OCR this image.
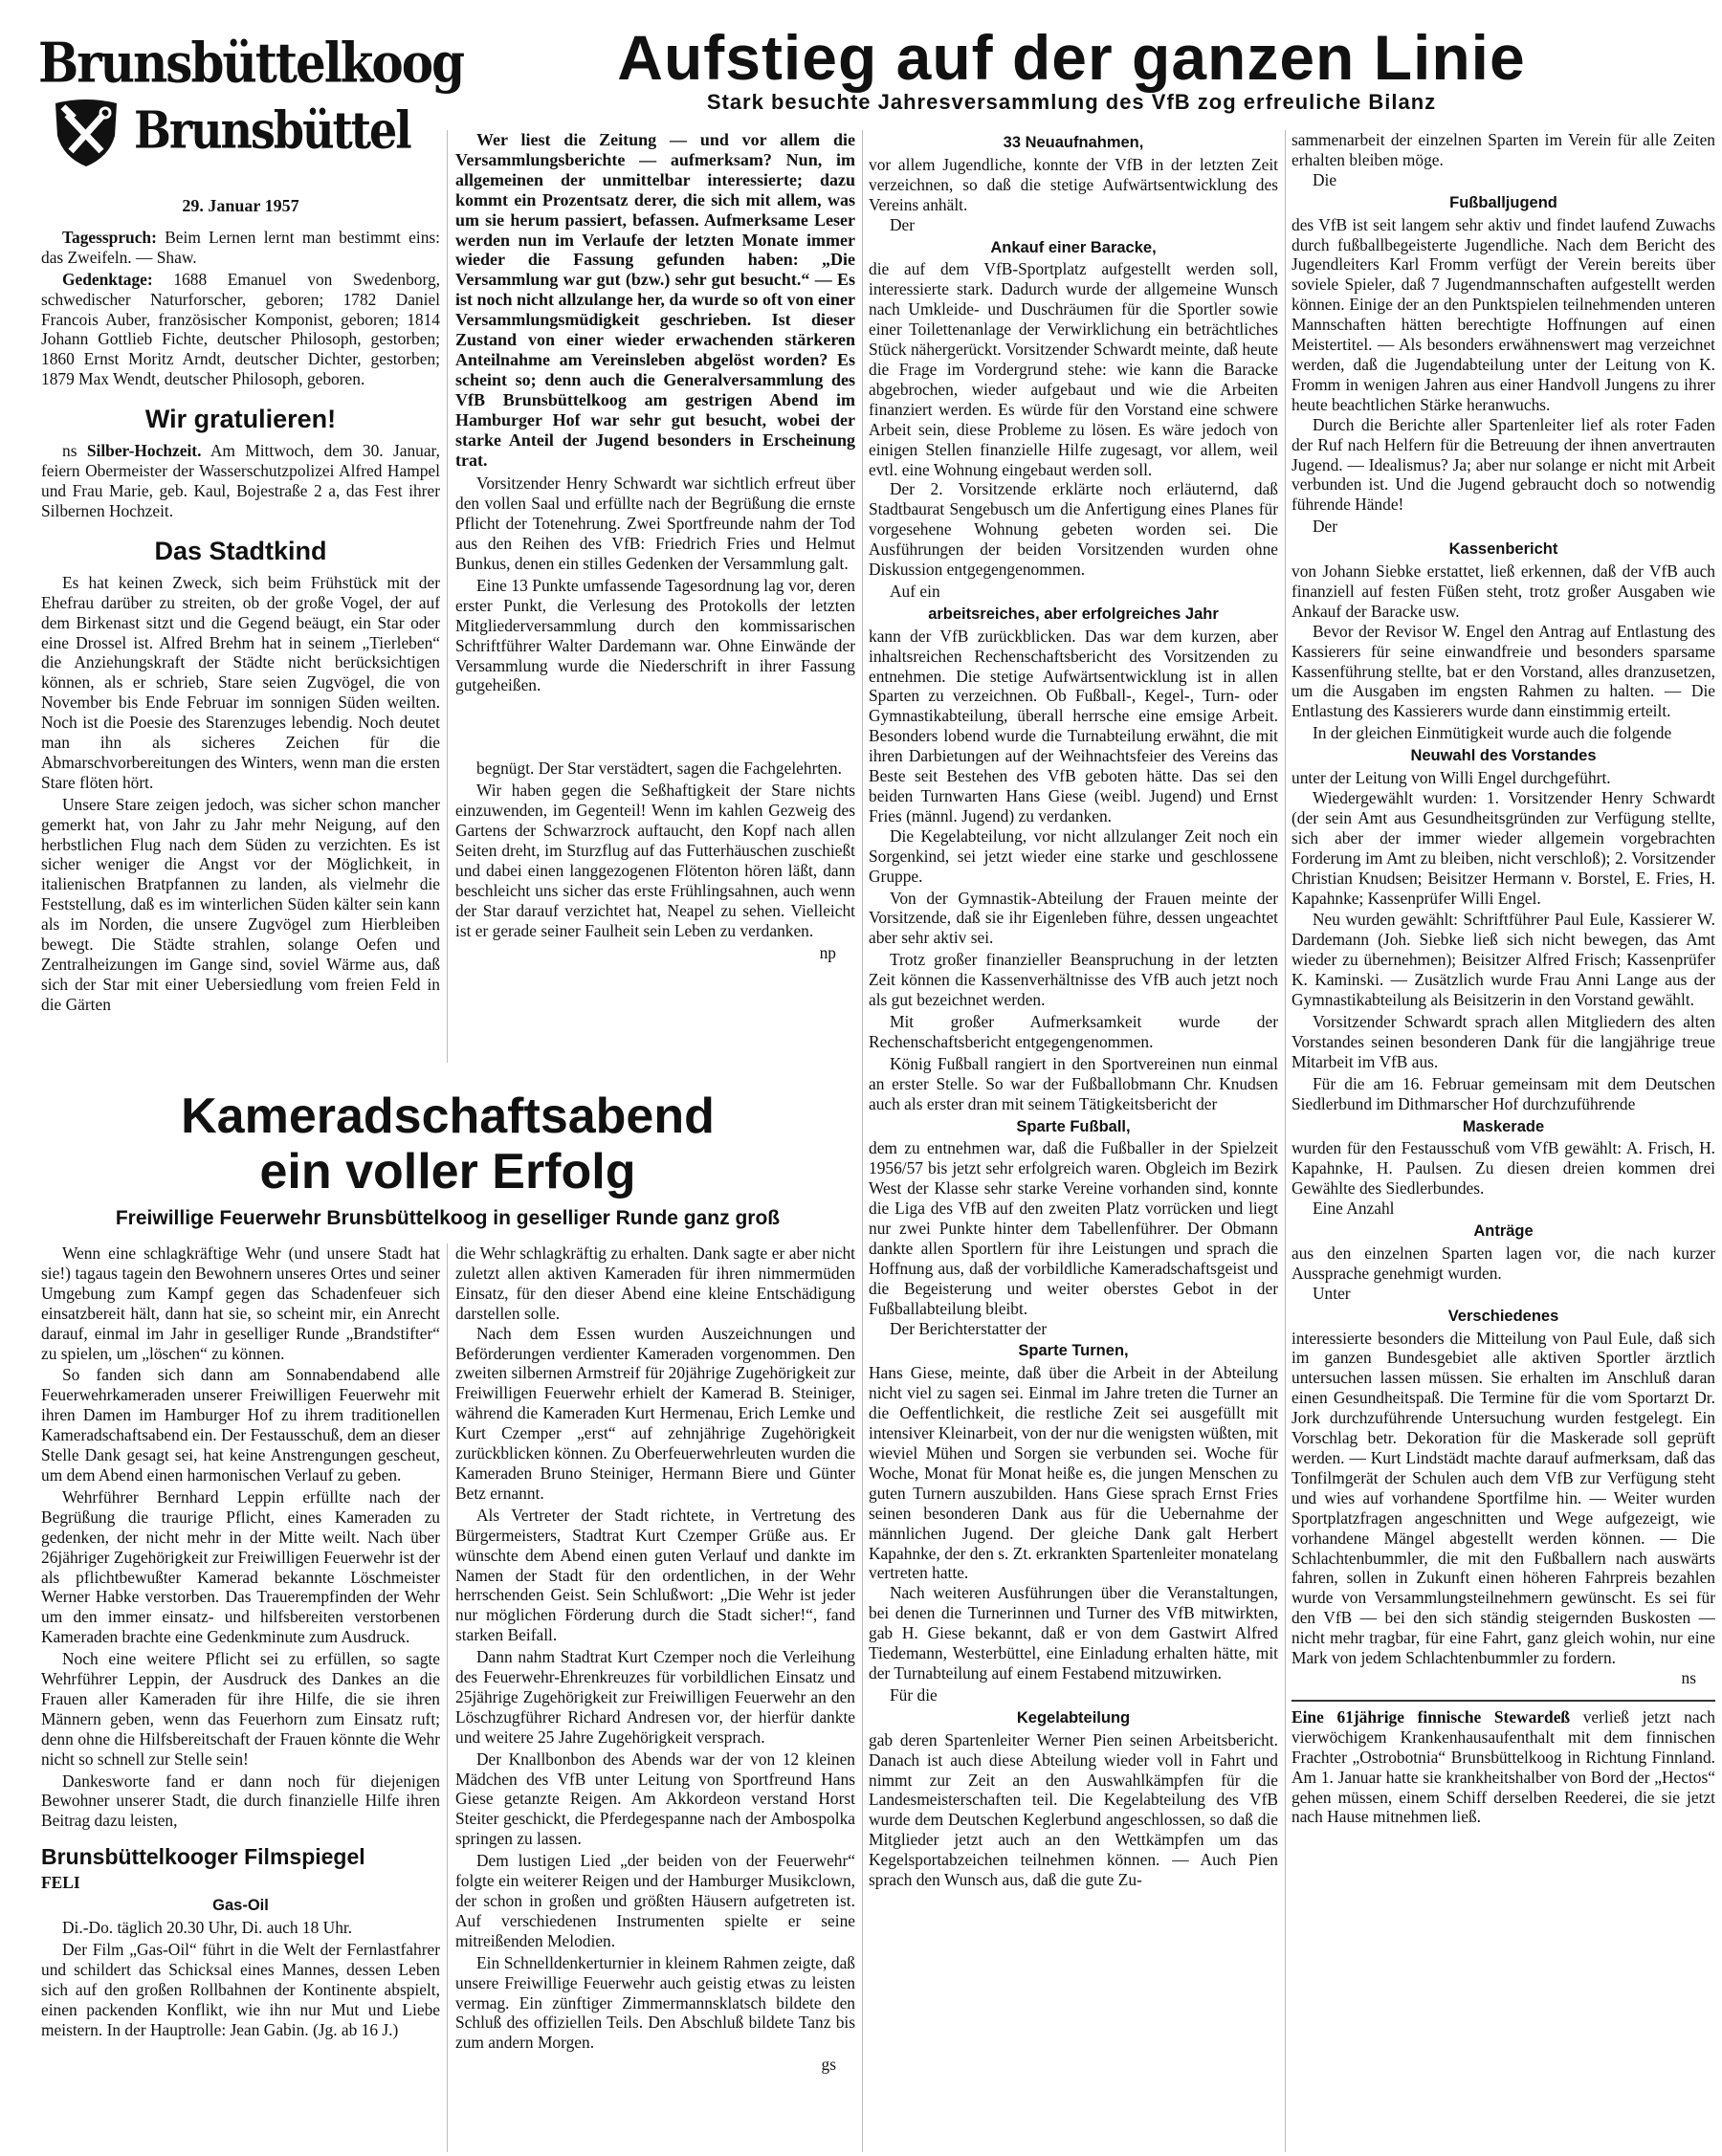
Brunsbüttelkoog
Brunsbüttel
Aufstieg auf der ganzen Linie
Stark besuchte Jahresversammlung des VfB zog erfreuliche Bilanz

29. Januar 1957

Tagesspruch: Beim Lernen lernt man bestimmt eins: das Zweifeln. — Shaw.

Gedenktage: 1688 Emanuel von Swedenborg, schwedischer Naturforscher, geboren; 1782 Daniel Francois Auber, französischer Komponist, geboren; 1814 Johann Gottlieb Fichte, deutscher Philosoph, gestorben; 1860 Ernst Moritz Arndt, deutscher Dichter, gestorben; 1879 Max Wendt, deutscher Philosoph, geboren.

Wir gratulieren!

ns Silber-Hochzeit. Am Mittwoch, dem 30. Januar, feiern Obermeister der Wasserschutzpolizei Alfred Hampel und Frau Marie, geb. Kaul, Bojestraße 2 a, das Fest ihrer Silbernen Hochzeit.

Das Stadtkind

Es hat keinen Zweck, sich beim Frühstück mit der Ehefrau darüber zu streiten, ob der große Vogel, der auf dem Birkenast sitzt und die Gegend beäugt, ein Star oder eine Drossel ist. Alfred Brehm hat in seinem „Tierleben“ die Anziehungskraft der Städte nicht berücksichtigen können, als er schrieb, Stare seien Zugvögel, die von November bis Ende Februar im sonnigen Süden weilten. Noch ist die Poesie des Starenzuges lebendig. Noch deutet man ihn als sicheres Zeichen für die Abmarschvorbereitungen des Winters, wenn man die ersten Stare flöten hört.

Unsere Stare zeigen jedoch, was sicher schon mancher gemerkt hat, von Jahr zu Jahr mehr Neigung, auf den herbstlichen Flug nach dem Süden zu verzichten. Es ist sicher weniger die Angst vor der Möglichkeit, in italienischen Bratpfannen zu landen, als vielmehr die Feststellung, daß es im winterlichen Süden kälter sein kann als im Norden, die unsere Zugvögel zum Hierbleiben bewegt. Die Städte strahlen, solange Oefen und Zentralheizungen im Gange sind, soviel Wärme aus, daß sich der Star mit einer Uebersiedlung vom freien Feld in die Gärten

Wer liest die Zeitung — und vor allem die Versammlungsberichte — aufmerksam? Nun, im allgemeinen der unmittelbar interessierte; dazu kommt ein Prozentsatz derer, die sich mit allem, was um sie herum passiert, befassen. Aufmerksame Leser werden nun im Verlaufe der letzten Monate immer wieder die Fassung gefunden haben: „Die Versammlung war gut (bzw.) sehr gut besucht.“ — Es ist noch nicht allzulange her, da wurde so oft von einer Versammlungsmüdigkeit geschrieben. Ist dieser Zustand von einer wieder erwachenden stärkeren Anteilnahme am Vereinsleben abgelöst worden? Es scheint so; denn auch die Generalversammlung des VfB Brunsbüttelkoog am gestrigen Abend im Hamburger Hof war sehr gut besucht, wobei der starke Anteil der Jugend besonders in Erscheinung trat.

Vorsitzender Henry Schwardt war sichtlich erfreut über den vollen Saal und erfüllte nach der Begrüßung die ernste Pflicht der Totenehrung. Zwei Sportfreunde nahm der Tod aus den Reihen des VfB: Friedrich Fries und Helmut Bunkus, denen ein stilles Gedenken der Versammlung galt.

Eine 13 Punkte umfassende Tagesordnung lag vor, deren erster Punkt, die Verlesung des Protokolls der letzten Mitgliederversammlung durch den kommissarischen Schriftführer Walter Dardemann war. Ohne Einwände der Versammlung wurde die Niederschrift in ihrer Fassung gutgeheißen.

begnügt. Der Star verstädtert, sagen die Fachgelehrten.

Wir haben gegen die Seßhaftigkeit der Stare nichts einzuwenden, im Gegenteil! Wenn im kahlen Gezweig des Gartens der Schwarzrock auftaucht, den Kopf nach allen Seiten dreht, im Sturzflug auf das Futterhäuschen zuschießt und dabei einen langgezogenen Flötenton hören läßt, dann beschleicht uns sicher das erste Frühlingsahnen, auch wenn der Star darauf verzichtet hat, Neapel zu sehen. Vielleicht ist er gerade seiner Faulheit sein Leben zu verdanken.

np

Kameradschaftsabend
ein voller Erfolg
Freiwillige Feuerwehr Brunsbüttelkoog in geselliger Runde ganz groß

Wenn eine schlagkräftige Wehr (und unsere Stadt hat sie!) tagaus tagein den Bewohnern unseres Ortes und seiner Umgebung zum Kampf gegen das Schadenfeuer sich einsatzbereit hält, dann hat sie, so scheint mir, ein Anrecht darauf, einmal im Jahr in geselliger Runde „Brandstifter“ zu spielen, um „löschen“ zu können.

So fanden sich dann am Sonnabendabend alle Feuerwehrkameraden unserer Freiwilligen Feuerwehr mit ihren Damen im Hamburger Hof zu ihrem traditionellen Kameradschaftsabend ein. Der Festausschuß, dem an dieser Stelle Dank gesagt sei, hat keine Anstrengungen gescheut, um dem Abend einen harmonischen Verlauf zu geben.

Wehrführer Bernhard Leppin erfüllte nach der Begrüßung die traurige Pflicht, eines Kameraden zu gedenken, der nicht mehr in der Mitte weilt. Nach über 26jähriger Zugehörigkeit zur Freiwilligen Feuerwehr ist der als pflichtbewußter Kamerad bekannte Löschmeister Werner Habke verstorben. Das Trauerempfinden der Wehr um den immer einsatz- und hilfsbereiten verstorbenen Kameraden brachte eine Gedenkminute zum Ausdruck.

Noch eine weitere Pflicht sei zu erfüllen, so sagte Wehrführer Leppin, der Ausdruck des Dankes an die Frauen aller Kameraden für ihre Hilfe, die sie ihren Männern geben, wenn das Feuerhorn zum Einsatz ruft; denn ohne die Hilfsbereitschaft der Frauen könnte die Wehr nicht so schnell zur Stelle sein!

Dankesworte fand er dann noch für diejenigen Bewohner unserer Stadt, die durch finanzielle Hilfe ihren Beitrag dazu leisten,

Brunsbüttelkooger Filmspiegel

FELI

Gas-Oil

Di.-Do. täglich 20.30 Uhr, Di. auch 18 Uhr.

Der Film „Gas-Oil“ führt in die Welt der Fernlastfahrer und schildert das Schicksal eines Mannes, dessen Leben sich auf den großen Rollbahnen der Kontinente abspielt, einen packenden Konflikt, wie ihn nur Mut und Liebe meistern. In der Hauptrolle: Jean Gabin. (Jg. ab 16 J.)

die Wehr schlagkräftig zu erhalten. Dank sagte er aber nicht zuletzt allen aktiven Kameraden für ihren nimmermüden Einsatz, für den dieser Abend eine kleine Entschädigung darstellen solle.

Nach dem Essen wurden Auszeichnungen und Beförderungen verdienter Kameraden vorgenommen. Den zweiten silbernen Armstreif für 20jährige Zugehörigkeit zur Freiwilligen Feuerwehr erhielt der Kamerad B. Steiniger, während die Kameraden Kurt Hermenau, Erich Lemke und Kurt Czemper „erst“ auf zehnjährige Zugehörigkeit zurückblicken können. Zu Oberfeuerwehrleuten wurden die Kameraden Bruno Steiniger, Hermann Biere und Günter Betz ernannt.

Als Vertreter der Stadt richtete, in Vertretung des Bürgermeisters, Stadtrat Kurt Czemper Grüße aus. Er wünschte dem Abend einen guten Verlauf und dankte im Namen der Stadt für den ordentlichen, in der Wehr herrschenden Geist. Sein Schlußwort: „Die Wehr ist jeder nur möglichen Förderung durch die Stadt sicher!“, fand starken Beifall.

Dann nahm Stadtrat Kurt Czemper noch die Verleihung des Feuerwehr-Ehrenkreuzes für vorbildlichen Einsatz und 25jährige Zugehörigkeit zur Freiwilligen Feuerwehr an den Löschzugführer Richard Andresen vor, der hierfür dankte und weitere 25 Jahre Zugehörigkeit versprach.

Der Knallbonbon des Abends war der von 12 kleinen Mädchen des VfB unter Leitung von Sportfreund Hans Giese getanzte Reigen. Am Akkordeon verstand Horst Steiter geschickt, die Pferdegespanne nach der Ambospolka springen zu lassen.

Dem lustigen Lied „der beiden von der Feuerwehr“ folgte ein weiterer Reigen und der Hamburger Musikclown, der schon in großen und größten Häusern aufgetreten ist. Auf verschiedenen Instrumenten spielte er seine mitreißenden Melodien.

Ein Schnelldenkerturnier in kleinem Rahmen zeigte, daß unsere Freiwillige Feuerwehr auch geistig etwas zu leisten vermag. Ein zünftiger Zimmermannsklatsch bildete den Schluß des offiziellen Teils. Den Abschluß bildete Tanz bis zum andern Morgen.

gs

33 Neuaufnahmen,

vor allem Jugendliche, konnte der VfB in der letzten Zeit verzeichnen, so daß die stetige Aufwärtsentwicklung des Vereins anhält.

Der

Ankauf einer Baracke,

die auf dem VfB-Sportplatz aufgestellt werden soll, interessierte stark. Dadurch wurde der allgemeine Wunsch nach Umkleide- und Duschräumen für die Sportler sowie einer Toilettenanlage der Verwirklichung ein beträchtliches Stück nähergerückt. Vorsitzender Schwardt meinte, daß heute die Frage im Vordergrund stehe: wie kann die Baracke abgebrochen, wieder aufgebaut und wie die Arbeiten finanziert werden. Es würde für den Vorstand eine schwere Arbeit sein, diese Probleme zu lösen. Es wäre jedoch von einigen Stellen finanzielle Hilfe zugesagt, vor allem, weil evtl. eine Wohnung eingebaut werden soll.

Der 2. Vorsitzende erklärte noch erläuternd, daß Stadtbaurat Sengebusch um die Anfertigung eines Planes für vorgesehene Wohnung gebeten worden sei. Die Ausführungen der beiden Vorsitzenden wurden ohne Diskussion entgegengenommen.

Auf ein

arbeitsreiches, aber erfolgreiches Jahr

kann der VfB zurückblicken. Das war dem kurzen, aber inhaltsreichen Rechenschaftsbericht des Vorsitzenden zu entnehmen. Die stetige Aufwärtsentwicklung ist in allen Sparten zu verzeichnen. Ob Fußball-, Kegel-, Turn- oder Gymnastikabteilung, überall herrsche eine emsige Arbeit. Besonders lobend wurde die Turnabteilung erwähnt, die mit ihren Darbietungen auf der Weihnachtsfeier des Vereins das Beste seit Bestehen des VfB geboten hätte. Das sei den beiden Turnwarten Hans Giese (weibl. Jugend) und Ernst Fries (männl. Jugend) zu verdanken.

Die Kegelabteilung, vor nicht allzulanger Zeit noch ein Sorgenkind, sei jetzt wieder eine starke und geschlossene Gruppe.

Von der Gymnastik-Abteilung der Frauen meinte der Vorsitzende, daß sie ihr Eigenleben führe, dessen ungeachtet aber sehr aktiv sei.

Trotz großer finanzieller Beanspruchung in der letzten Zeit können die Kassenverhältnisse des VfB auch jetzt noch als gut bezeichnet werden.

Mit großer Aufmerksamkeit wurde der Rechenschaftsbericht entgegengenommen.

König Fußball rangiert in den Sportvereinen nun einmal an erster Stelle. So war der Fußballobmann Chr. Knudsen auch als erster dran mit seinem Tätigkeitsbericht der

Sparte Fußball,

dem zu entnehmen war, daß die Fußballer in der Spielzeit 1956/57 bis jetzt sehr erfolgreich waren. Obgleich im Bezirk West der Klasse sehr starke Vereine vorhanden sind, konnte die Liga des VfB auf den zweiten Platz vorrücken und liegt nur zwei Punkte hinter dem Tabellenführer. Der Obmann dankte allen Sportlern für ihre Leistungen und sprach die Hoffnung aus, daß der vorbildliche Kameradschaftsgeist und die Begeisterung und weiter oberstes Gebot in der Fußballabteilung bleibt.

Der Berichterstatter der

Sparte Turnen,

Hans Giese, meinte, daß über die Arbeit in der Abteilung nicht viel zu sagen sei. Einmal im Jahre treten die Turner an die Oeffentlichkeit, die restliche Zeit sei ausgefüllt mit intensiver Kleinarbeit, von der nur die wenigsten wüßten, mit wieviel Mühen und Sorgen sie verbunden sei. Woche für Woche, Monat für Monat heiße es, die jungen Menschen zu guten Turnern auszubilden. Hans Giese sprach Ernst Fries seinen besonderen Dank aus für die Uebernahme der männlichen Jugend. Der gleiche Dank galt Herbert Kapahnke, der den s. Zt. erkrankten Spartenleiter monatelang vertreten hatte.

Nach weiteren Ausführungen über die Veranstaltungen, bei denen die Turnerinnen und Turner des VfB mitwirkten, gab H. Giese bekannt, daß er von dem Gastwirt Alfred Tiedemann, Westerbüttel, eine Einladung erhalten hätte, mit der Turnabteilung auf einem Festabend mitzuwirken.

Für die

Kegelabteilung

gab deren Spartenleiter Werner Pien seinen Arbeitsbericht. Danach ist auch diese Abteilung wieder voll in Fahrt und nimmt zur Zeit an den Auswahlkämpfen für die Landesmeisterschaften teil. Die Kegelabteilung des VfB wurde dem Deutschen Keglerbund angeschlossen, so daß die Mitglieder jetzt auch an den Wettkämpfen um das Kegelsportabzeichen teilnehmen können. — Auch Pien sprach den Wunsch aus, daß die gute Zu-

sammenarbeit der einzelnen Sparten im Verein für alle Zeiten erhalten bleiben möge.

Die

Fußballjugend

des VfB ist seit langem sehr aktiv und findet laufend Zuwachs durch fußballbegeisterte Jugendliche. Nach dem Bericht des Jugendleiters Karl Fromm verfügt der Verein bereits über soviele Spieler, daß 7 Jugendmannschaften aufgestellt werden können. Einige der an den Punktspielen teilnehmenden unteren Mannschaften hätten berechtigte Hoffnungen auf einen Meistertitel. — Als besonders erwähnenswert mag verzeichnet werden, daß die Jugendabteilung unter der Leitung von K. Fromm in wenigen Jahren aus einer Handvoll Jungens zu ihrer heute beachtlichen Stärke heranwuchs.

Durch die Berichte aller Spartenleiter lief als roter Faden der Ruf nach Helfern für die Betreuung der ihnen anvertrauten Jugend. — Idealismus? Ja; aber nur solange er nicht mit Arbeit verbunden ist. Und die Jugend gebraucht doch so notwendig führende Hände!

Der

Kassenbericht

von Johann Siebke erstattet, ließ erkennen, daß der VfB auch finanziell auf festen Füßen steht, trotz großer Ausgaben wie Ankauf der Baracke usw.

Bevor der Revisor W. Engel den Antrag auf Entlastung des Kassierers für seine einwandfreie und besonders sparsame Kassenführung stellte, bat er den Vorstand, alles dranzusetzen, um die Ausgaben im engsten Rahmen zu halten. — Die Entlastung des Kassierers wurde dann einstimmig erteilt.

In der gleichen Einmütigkeit wurde auch die folgende

Neuwahl des Vorstandes

unter der Leitung von Willi Engel durchgeführt.

Wiedergewählt wurden: 1. Vorsitzender Henry Schwardt (der sein Amt aus Gesundheitsgründen zur Verfügung stellte, sich aber der immer wieder allgemein vorgebrachten Forderung im Amt zu bleiben, nicht verschloß); 2. Vorsitzender Christian Knudsen; Beisitzer Hermann v. Borstel, E. Fries, H. Kapahnke; Kassenprüfer Willi Engel.

Neu wurden gewählt: Schriftführer Paul Eule, Kassierer W. Dardemann (Joh. Siebke ließ sich nicht bewegen, das Amt wieder zu übernehmen); Beisitzer Alfred Frisch; Kassenprüfer K. Kaminski. — Zusätzlich wurde Frau Anni Lange aus der Gymnastikabteilung als Beisitzerin in den Vorstand gewählt.

Vorsitzender Schwardt sprach allen Mitgliedern des alten Vorstandes seinen besonderen Dank für die langjährige treue Mitarbeit im VfB aus.

Für die am 16. Februar gemeinsam mit dem Deutschen Siedlerbund im Dithmarscher Hof durchzuführende

Maskerade

wurden für den Festausschuß vom VfB gewählt: A. Frisch, H. Kapahnke, H. Paulsen. Zu diesen dreien kommen drei Gewählte des Siedlerbundes.

Eine Anzahl

Anträge

aus den einzelnen Sparten lagen vor, die nach kurzer Aussprache genehmigt wurden.

Unter

Verschiedenes

interessierte besonders die Mitteilung von Paul Eule, daß sich im ganzen Bundesgebiet alle aktiven Sportler ärztlich untersuchen lassen müssen. Sie erhalten im Anschluß daran einen Gesundheitspaß. Die Termine für die vom Sportarzt Dr. Jork durchzuführende Untersuchung wurden festgelegt. Ein Vorschlag betr. Dekoration für die Maskerade soll geprüft werden. — Kurt Lindstädt machte darauf aufmerksam, daß das Tonfilmgerät der Schulen auch dem VfB zur Verfügung steht und wies auf vorhandene Sportfilme hin. — Weiter wurden Sportplatzfragen angeschnitten und Wege aufgezeigt, wie vorhandene Mängel abgestellt werden können. — Die Schlachtenbummler, die mit den Fußballern nach auswärts fahren, sollen in Zukunft einen höheren Fahrpreis bezahlen wurde von Versammlungsteilnehmern gewünscht. Es sei für den VfB — bei den sich ständig steigernden Buskosten — nicht mehr tragbar, für eine Fahrt, ganz gleich wohin, nur eine Mark von jedem Schlachtenbummler zu fordern.

ns

Eine 61jährige finnische Stewardeß verließ jetzt nach vierwöchigem Krankenhausaufenthalt mit dem finnischen Frachter „Ostrobotnia“ Brunsbüttelkoog in Richtung Finnland. Am 1. Januar hatte sie krankheitshalber von Bord der „Hectos“ gehen müssen, einem Schiff derselben Reederei, die sie jetzt nach Hause mitnehmen ließ.
